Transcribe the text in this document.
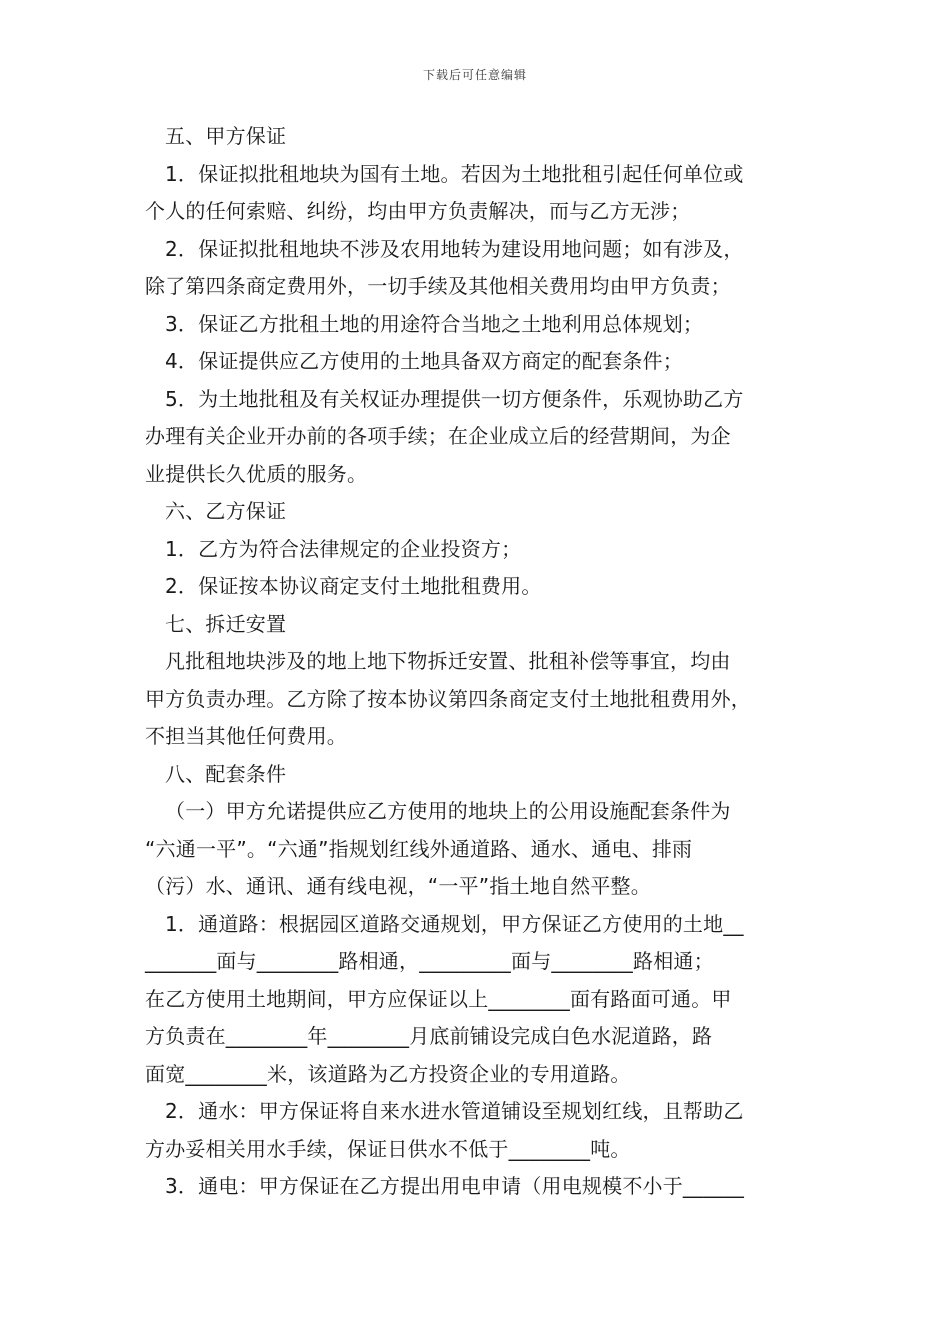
下载后可任意编辑

五、甲方保证

1．保证拟批租地块为国有土地。若因为土地批租引起任何单位或

个人的任何索赔、纠纷，均由甲方负责解决，而与乙方无涉；

2．保证拟批租地块不涉及农用地转为建设用地问题；如有涉及，

除了第四条商定费用外，一切手续及其他相关费用均由甲方负责；

3．保证乙方批租土地的用途符合当地之土地利用总体规划；

4．保证提供应乙方使用的土地具备双方商定的配套条件；

5．为土地批租及有关权证办理提供一切方便条件，乐观协助乙方

办理有关企业开办前的各项手续；在企业成立后的经营期间，为企

业提供长久优质的服务。

六、乙方保证

1．乙方为符合法律规定的企业投资方；

2．保证按本协议商定支付土地批租费用。

七、拆迁安置

凡批租地块涉及的地上地下物拆迁安置、批租补偿等事宜，均由

甲方负责办理。乙方除了按本协议第四条商定支付土地批租费用外，

不担当其他任何费用。

八、配套条件

（一）甲方允诺提供应乙方使用的地块上的公用设施配套条件为

“六通一平”。“六通”指规划红线外通道路、通水、通电、排雨

（污）水、通讯、通有线电视，“一平”指土地自然平整。

1．通道路：根据园区道路交通规划，甲方保证乙方使用的土地__

_______面与________路相通，_________面与________路相通；

在乙方使用土地期间，甲方应保证以上________面有路面可通。甲

方负责在________年________月底前铺设完成白色水泥道路，路

面宽________米，该道路为乙方投资企业的专用道路。

2．通水：甲方保证将自来水进水管道铺设至规划红线，且帮助乙

方办妥相关用水手续，保证日供水不低于________吨。

3．通电：甲方保证在乙方提出用电申请（用电规模不小于______
